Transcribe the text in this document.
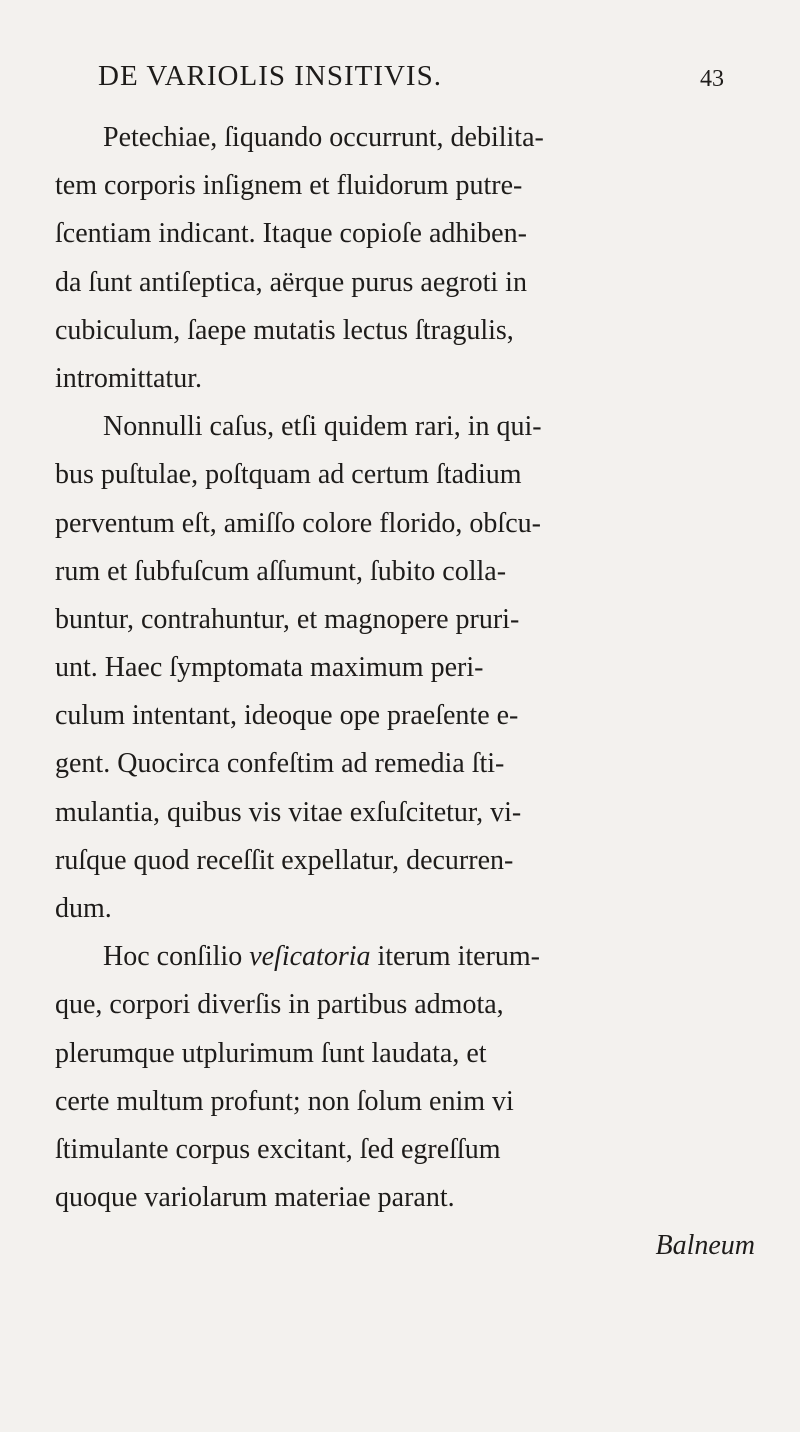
DE VARIOLIS INSITIVIS.	43
Petechiae, ſiquando occurrunt, debilita-
tem corporis inſignem et fluidorum putre-
ſcentiam indicant. Itaque copioſe adhiben-
da ſunt antiſeptica, aërque purus aegroti in
cubiculum, ſaepe mutatis lectus ſtragulis,
intromittatur.
Nonnulli caſus, etſi quidem rari, in qui-
bus puſtulae, poſtquam ad certum ſtadium
perventum eſt, amiſſo colore florido, obſcu-
rum et ſubfuſcum aſſumunt, ſubito colla-
buntur, contrahuntur, et magnopere pruri-
unt. Haec ſymptomata maximum peri-
culum intentant, ideoque ope praeſente e-
gent. Quocirca confeſtim ad remedia ſti-
mulantia, quibus vis vitae exſuſcitetur, vi-
ruſque quod receſſit expellatur, decurren-
dum.
Hoc conſilio veſicatoria iterum iterum-
que, corpori diverſis in partibus admota,
plerumque utplurimum ſunt laudata, et
certe multum profunt; non ſolum enim vi
ſtimulante corpus excitant, ſed egreſſum
quoque variolarum materiae parant.
Balneum
